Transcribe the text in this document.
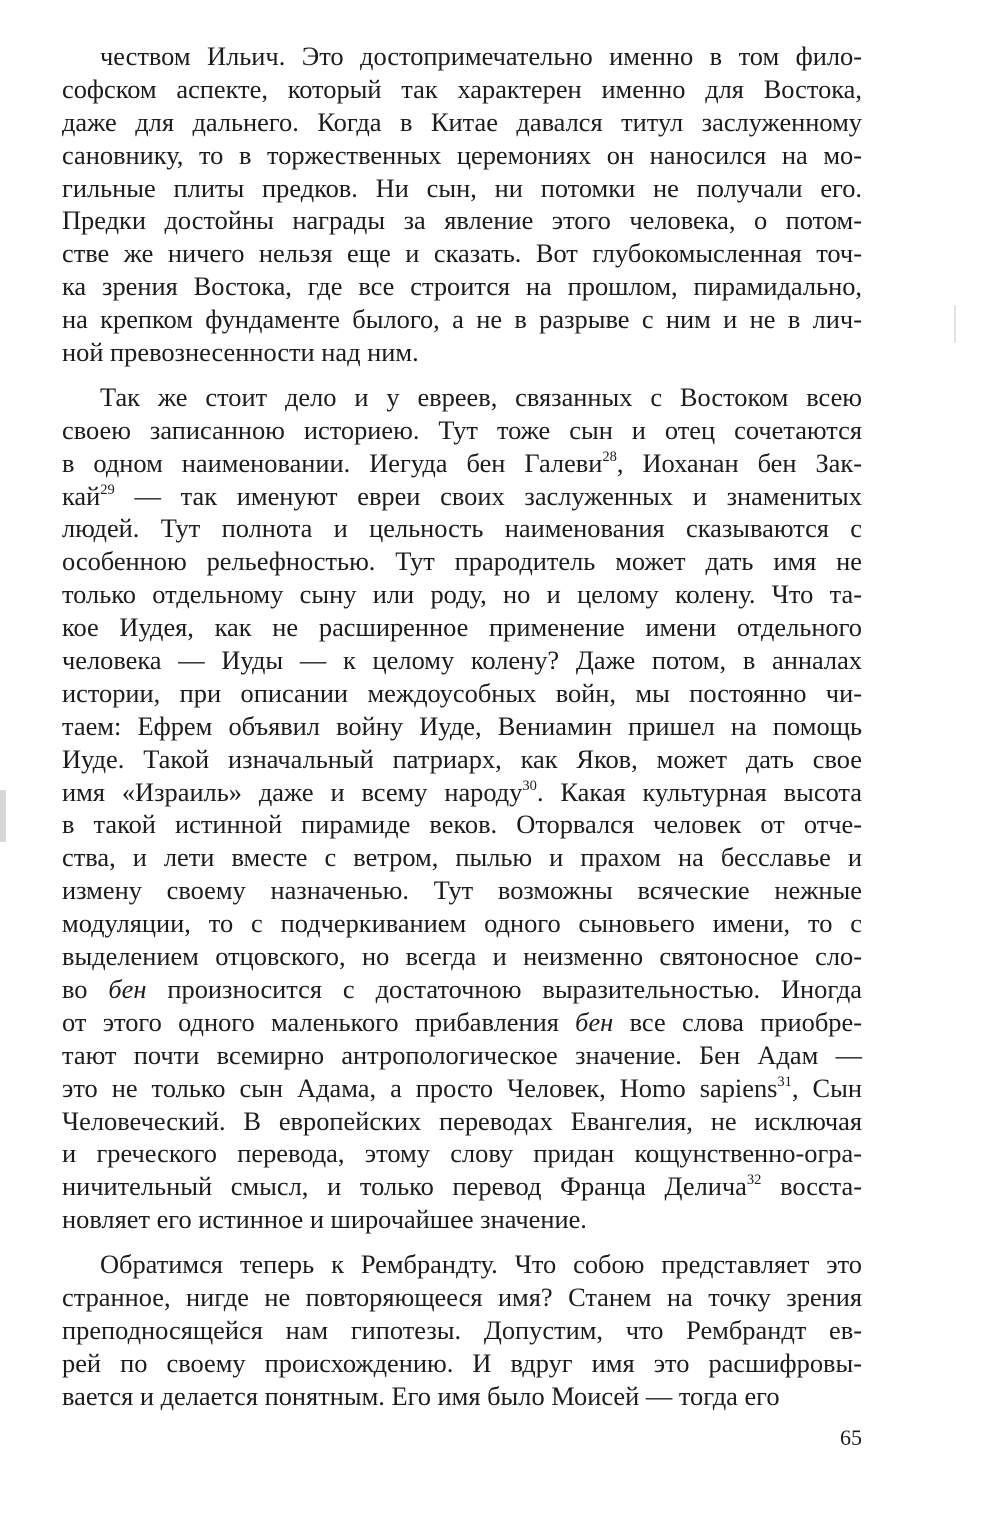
чеством Ильич. Это достопримечательно именно в том фило-
софском аспекте, который так характерен именно для Востока,
даже для дальнего. Когда в Китае давался титул заслуженному
сановнику, то в торжественных церемониях он наносился на мо-
гильные плиты предков. Ни сын, ни потомки не получали его.
Предки достойны награды за явление этого человека, о потом-
стве же ничего нельзя еще и сказать. Вот глубокомысленная точ-
ка зрения Востока, где все строится на прошлом, пирамидально,
на крепком фундаменте былого, а не в разрыве с ним и не в лич-
ной превознесенности над ним.
Так же стоит дело и у евреев, связанных с Востоком всею
своею записанною историею. Тут тоже сын и отец сочетаются
в одном наименовании. Иегуда бен Галеви$^{28}$, Иоханан бен Зак-
кай$^{29}$ — так именуют евреи своих заслуженных и знаменитых
людей. Тут полнота и цельность наименования сказываются с
особенною рельефностью. Тут прародитель может дать имя не
только отдельному сыну или роду, но и целому колену. Что та-
кое Иудея, как не расширенное применение имени отдельного
человека — Иуды — к целому колену? Даже потом, в анналах
истории, при описании междоусобных войн, мы постоянно чи-
таем: Ефрем объявил войну Иуде, Вениамин пришел на помощь
Иуде. Такой изначальный патриарх, как Яков, может дать свое
имя «Израиль» даже и всему народу$^{30}$. Какая культурная высота
в такой истинной пирамиде веков. Оторвался человек от отче-
ства, и лети вместе с ветром, пылью и прахом на бесславье и
измену своему назначенью. Тут возможны всяческие нежные
модуляции, то с подчеркиванием одного сыновьего имени, то с
выделением отцовского, но всегда и неизменно святоносное сло-
во бен произносится с достаточною выразительностью. Иногда
от этого одного маленького прибавления бен все слова приобре-
тают почти всемирно антропологическое значение. Бен Адам —
это не только сын Адама, а просто Человек, Homo sapiens$^{31}$, Сын
Человеческий. В европейских переводах Евангелия, не исключая
и греческого перевода, этому слову придан кощунственно-огра-
ничительный смысл, и только перевод Франца Делича$^{32}$ восста-
новляет его истинное и широчайшее значение.
Обратимся теперь к Рембрандту. Что собою представляет это
странное, нигде не повторяющееся имя? Станем на точку зрения
преподносящейся нам гипотезы. Допустим, что Рембрандт ев-
рей по своему происхождению. И вдруг имя это расшифровы-
вается и делается понятным. Его имя было Моисей — тогда его
65
